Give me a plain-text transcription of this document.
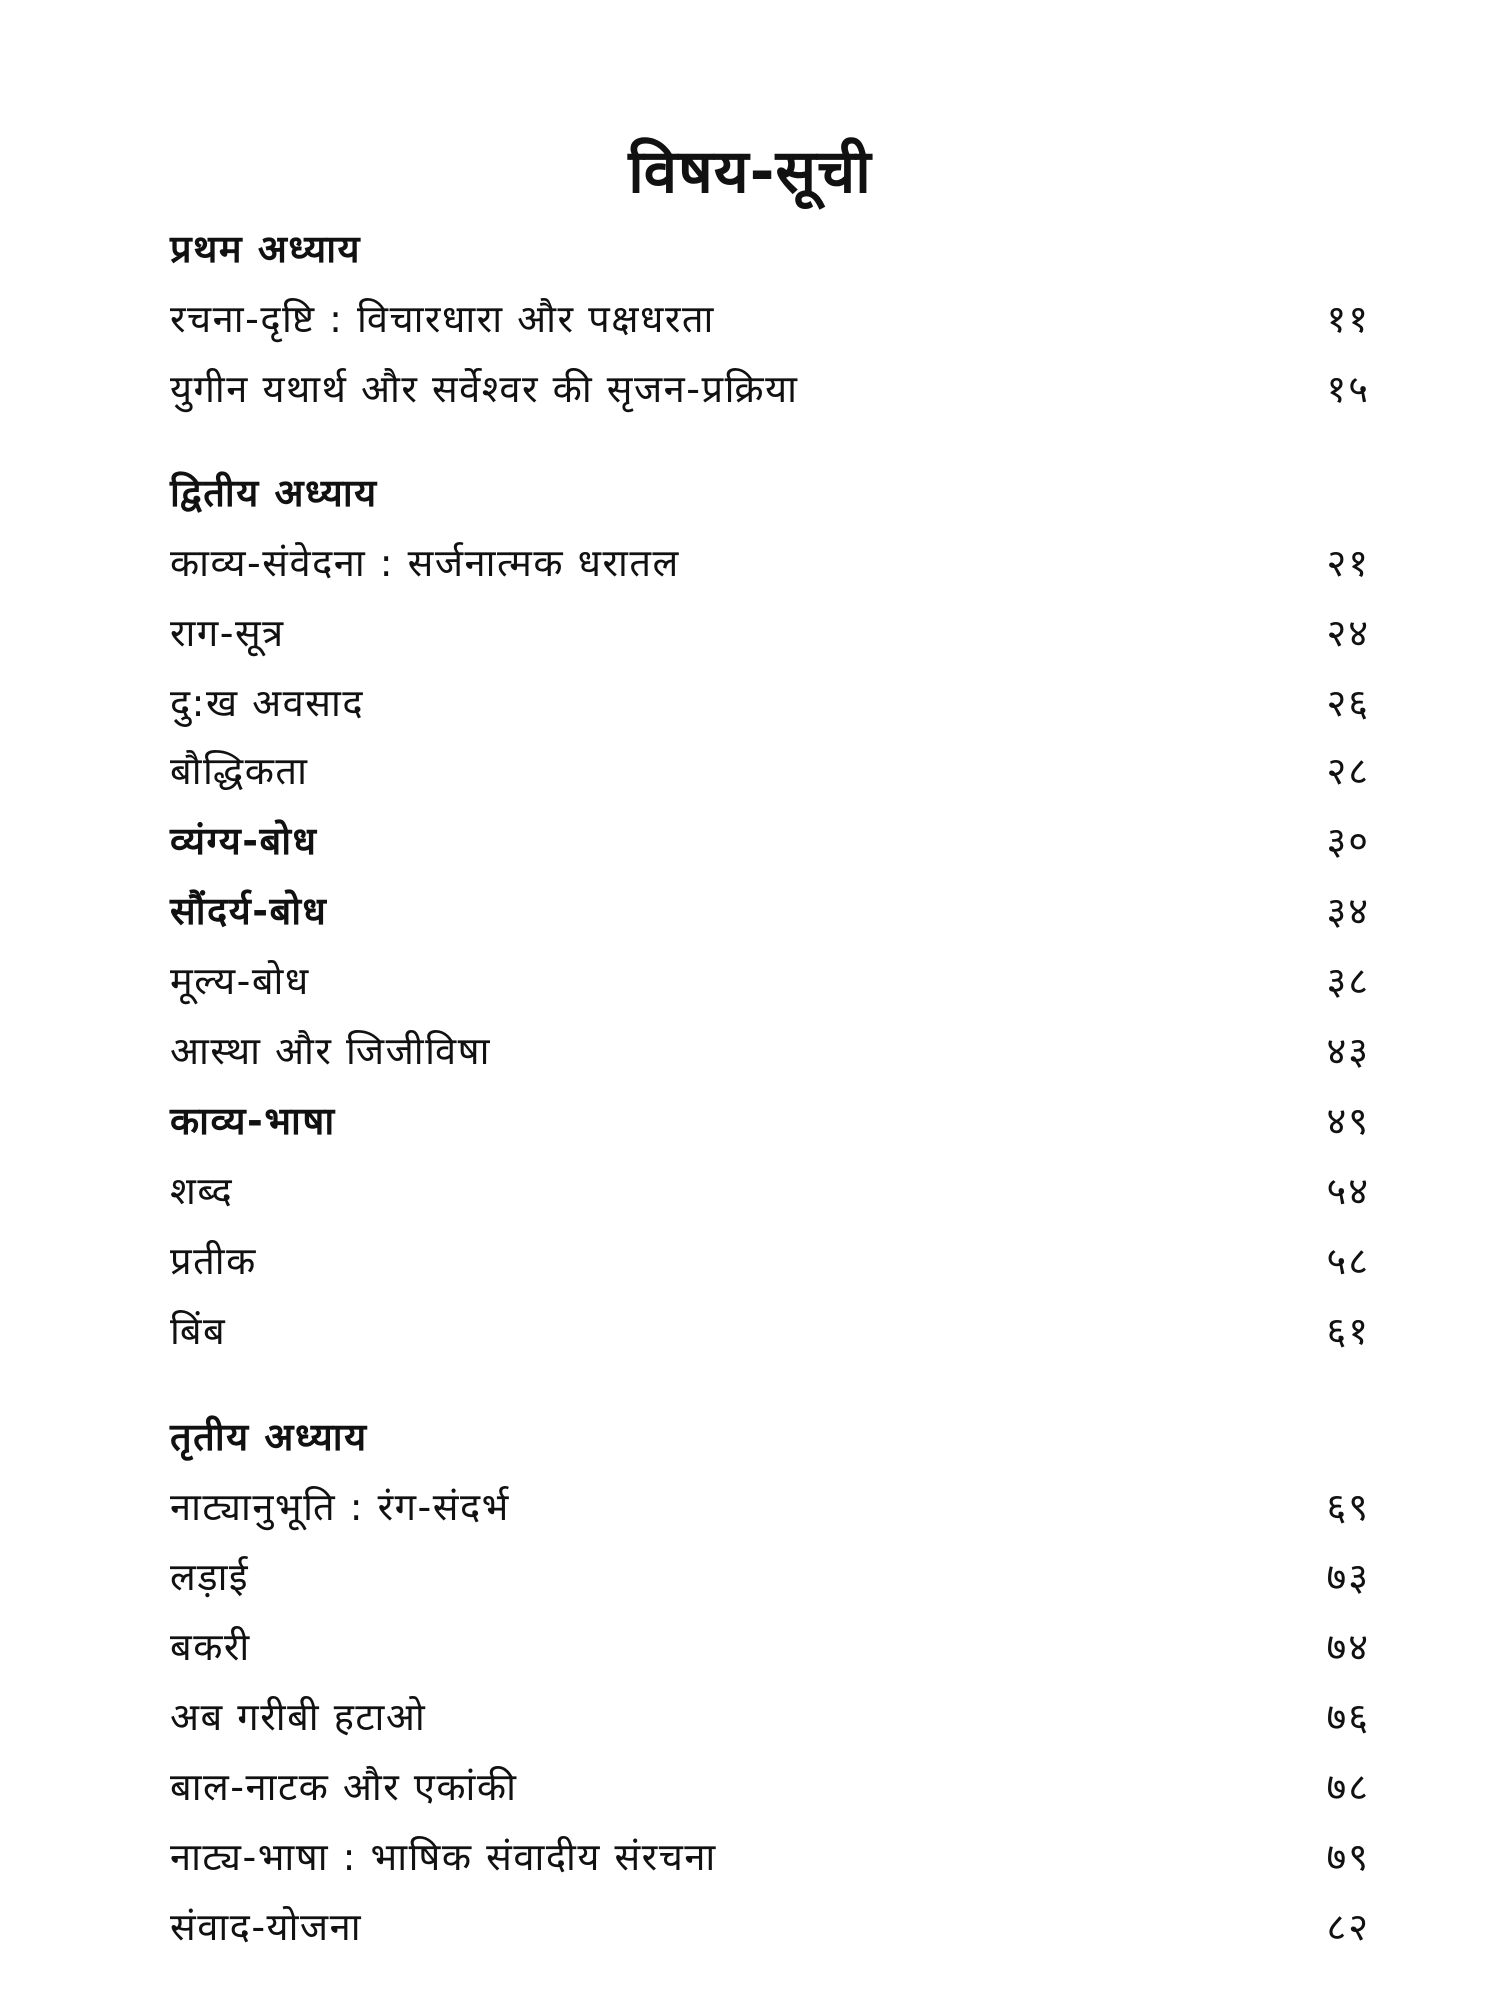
विषय-सूची
प्रथम अध्याय
रचना-दृष्टि : विचारधारा और पक्षधरता	११
युगीन यथार्थ और सर्वेश्वर की सृजन-प्रक्रिया	१५
द्वितीय अध्याय
काव्य-संवेदना : सर्जनात्मक धरातल	२१
राग-सूत्र	२४
दु:ख अवसाद	२६
बौद्धिकता	२८
व्यंग्य-बोध	३०
सौंदर्य-बोध	३४
मूल्य-बोध	३८
आस्था और जिजीविषा	४३
काव्य-भाषा	४९
शब्द	५४
प्रतीक	५८
बिंब	६१
तृतीय अध्याय
नाट्यानुभूति : रंग-संदर्भ	६९
लड़ाई	७३
बकरी	७४
अब गरीबी हटाओ	७६
बाल-नाटक और एकांकी	७८
नाट्य-भाषा : भाषिक संवादीय संरचना	७९
संवाद-योजना	८२
